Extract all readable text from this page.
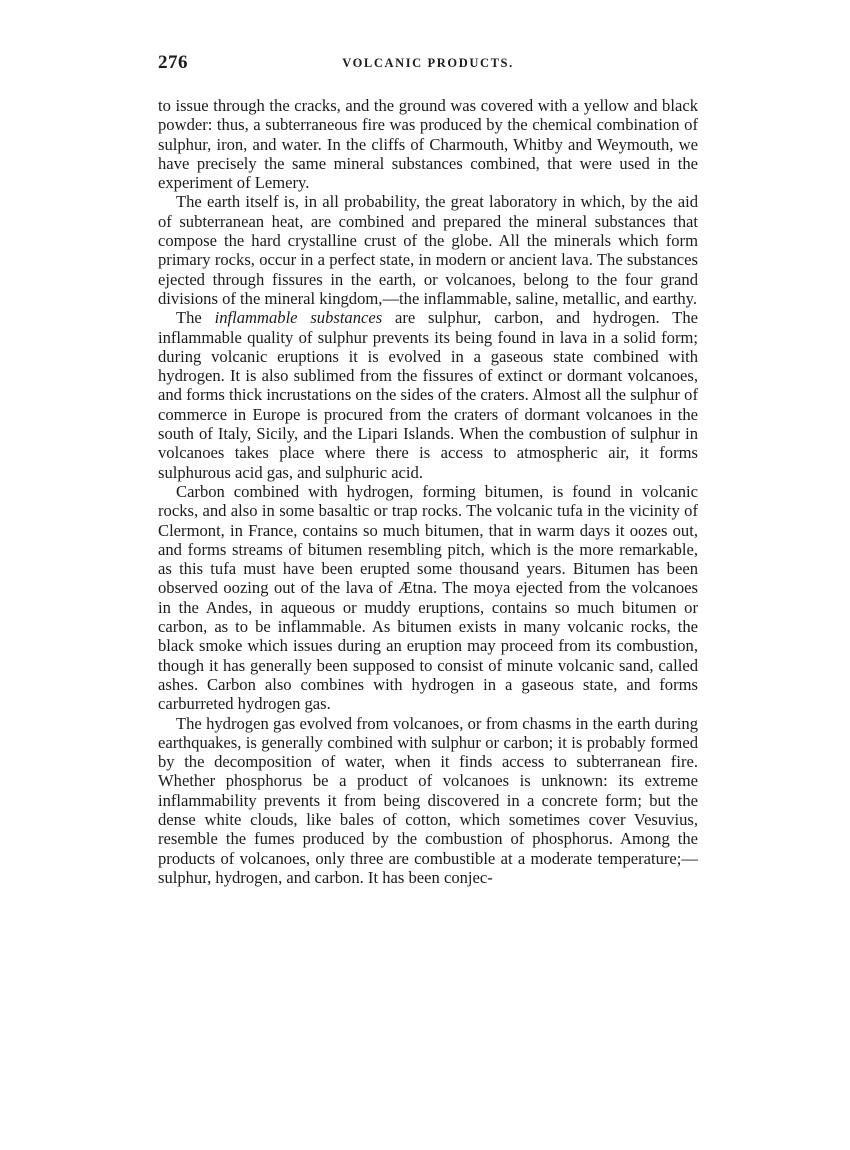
276	VOLCANIC PRODUCTS.

to issue through the cracks, and the ground was covered with a yellow and black powder: thus, a subterraneous fire was produced by the chemical combination of sulphur, iron, and water. In the cliffs of Charmouth, Whitby and Weymouth, we have precisely the same mineral substances combined, that were used in the experiment of Lemery.

The earth itself is, in all probability, the great laboratory in which, by the aid of subterranean heat, are combined and prepared the mineral substances that compose the hard crystalline crust of the globe. All the minerals which form primary rocks, occur in a perfect state, in modern or ancient lava. The substances ejected through fissures in the earth, or volcanoes, belong to the four grand divisions of the mineral kingdom,—the inflammable, saline, metallic, and earthy.

The inflammable substances are sulphur, carbon, and hydrogen. The inflammable quality of sulphur prevents its being found in lava in a solid form; during volcanic eruptions it is evolved in a gaseous state combined with hydrogen. It is also sublimed from the fissures of extinct or dormant volcanoes, and forms thick incrustations on the sides of the craters. Almost all the sulphur of commerce in Europe is procured from the craters of dormant volcanoes in the south of Italy, Sicily, and the Lipari Islands. When the combustion of sulphur in volcanoes takes place where there is access to atmospheric air, it forms sulphurous acid gas, and sulphuric acid.

Carbon combined with hydrogen, forming bitumen, is found in volcanic rocks, and also in some basaltic or trap rocks. The volcanic tufa in the vicinity of Clermont, in France, contains so much bitumen, that in warm days it oozes out, and forms streams of bitumen resembling pitch, which is the more remarkable, as this tufa must have been erupted some thousand years. Bitumen has been observed oozing out of the lava of Ætna. The moya ejected from the volcanoes in the Andes, in aqueous or muddy eruptions, contains so much bitumen or carbon, as to be inflammable. As bitumen exists in many volcanic rocks, the black smoke which issues during an eruption may proceed from its combustion, though it has generally been supposed to consist of minute volcanic sand, called ashes. Carbon also combines with hydrogen in a gaseous state, and forms carburreted hydrogen gas.

The hydrogen gas evolved from volcanoes, or from chasms in the earth during earthquakes, is generally combined with sulphur or carbon; it is probably formed by the decomposition of water, when it finds access to subterranean fire. Whether phosphorus be a product of volcanoes is unknown: its extreme inflammability prevents it from being discovered in a concrete form; but the dense white clouds, like bales of cotton, which sometimes cover Vesuvius, resemble the fumes produced by the combustion of phosphorus. Among the products of volcanoes, only three are combustible at a moderate temperature;—sulphur, hydrogen, and carbon. It has been conjec-
